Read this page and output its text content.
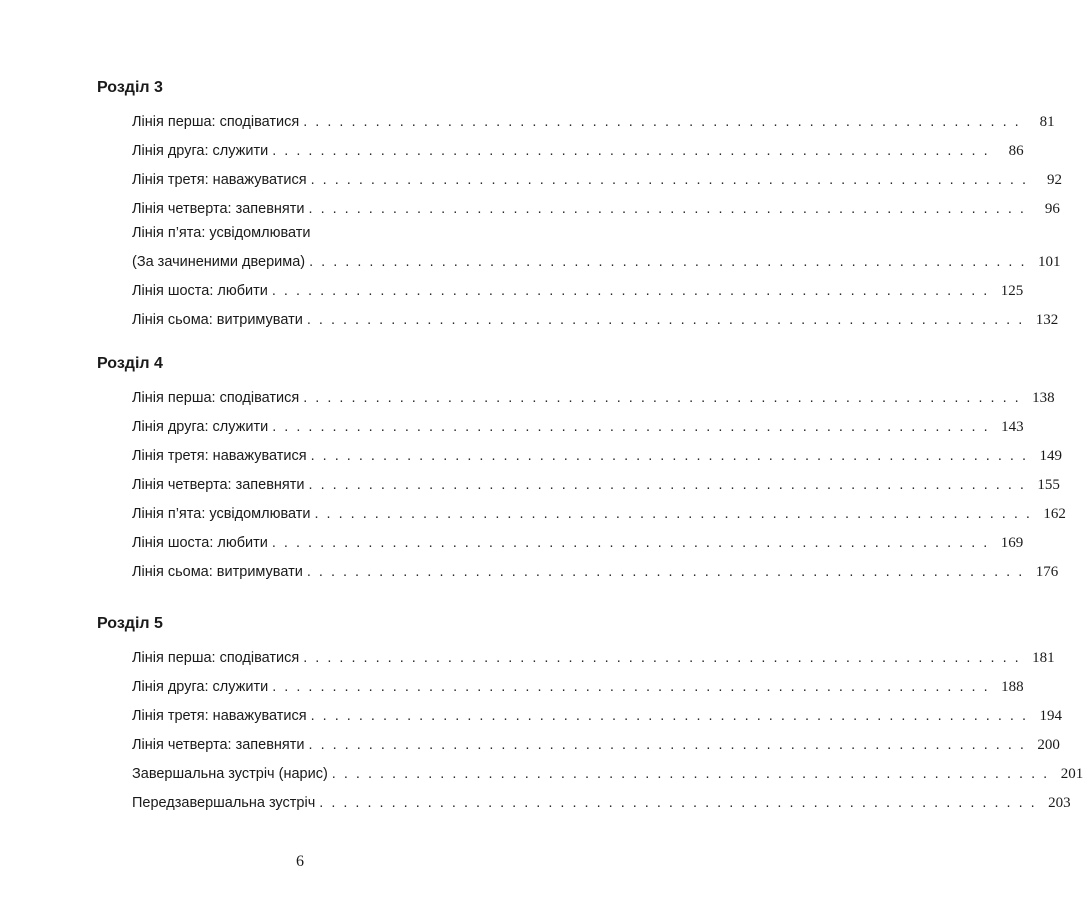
Розділ 3
Лінія перша: сподіватися . . . . . . . . . . . . . . . . . . . . . . . . . . . . . . . . . . . . . . . . . . . . . . . . . . . . . . . . . . . .	81
Лінія друга: служити . . . . . . . . . . . . . . . . . . . . . . . . . . . . . . . . . . . . . . . . . . . . . . . . . . . . . . . . . . . .	86
Лінія третя: наважуватися . . . . . . . . . . . . . . . . . . . . . . . . . . . . . . . . . . . . . . . . . . . . . . . . . . . . . . . . . . . .	92
Лінія четверта: запевняти . . . . . . . . . . . . . . . . . . . . . . . . . . . . . . . . . . . . . . . . . . . . . . . . . . . . . . . . . . . .	96
Лінія п’ята: усвідомлювати
(За зачиненими дверима) . . . . . . . . . . . . . . . . . . . . . . . . . . . . . . . . . . . . . . . . . . . . . . . . . . . . . . . . . . . . 101
Лінія шоста: любити . . . . . . . . . . . . . . . . . . . . . . . . . . . . . . . . . . . . . . . . . . . . . . . . . . . . . . . . . . . . 125
Лінія сьома: витримувати . . . . . . . . . . . . . . . . . . . . . . . . . . . . . . . . . . . . . . . . . . . . . . . . . . . . . . . . . . . . 132
Розділ 4
Лінія перша: сподіватися . . . . . . . . . . . . . . . . . . . . . . . . . . . . . . . . . . . . . . . . . . . . . . . . . . . . . . . . . . . . 138
Лінія друга: служити . . . . . . . . . . . . . . . . . . . . . . . . . . . . . . . . . . . . . . . . . . . . . . . . . . . . . . . . . . . . 143
Лінія третя: наважуватися . . . . . . . . . . . . . . . . . . . . . . . . . . . . . . . . . . . . . . . . . . . . . . . . . . . . . . . . . . . . 149
Лінія четверта: запевняти . . . . . . . . . . . . . . . . . . . . . . . . . . . . . . . . . . . . . . . . . . . . . . . . . . . . . . . . . . . . 155
Лінія п’ята: усвідомлювати . . . . . . . . . . . . . . . . . . . . . . . . . . . . . . . . . . . . . . . . . . . . . . . . . . . . . . . . . . . . 162
Лінія шоста: любити . . . . . . . . . . . . . . . . . . . . . . . . . . . . . . . . . . . . . . . . . . . . . . . . . . . . . . . . . . . . 169
Лінія сьома: витримувати . . . . . . . . . . . . . . . . . . . . . . . . . . . . . . . . . . . . . . . . . . . . . . . . . . . . . . . . . . . . 176
Розділ 5
Лінія перша: сподіватися . . . . . . . . . . . . . . . . . . . . . . . . . . . . . . . . . . . . . . . . . . . . . . . . . . . . . . . . . . . . 181
Лінія друга: служити . . . . . . . . . . . . . . . . . . . . . . . . . . . . . . . . . . . . . . . . . . . . . . . . . . . . . . . . . . . . 188
Лінія третя: наважуватися . . . . . . . . . . . . . . . . . . . . . . . . . . . . . . . . . . . . . . . . . . . . . . . . . . . . . . . . . . . . 194
Лінія четверта: запевняти . . . . . . . . . . . . . . . . . . . . . . . . . . . . . . . . . . . . . . . . . . . . . . . . . . . . . . . . . . . . 200
Завершальна зустріч (нарис) . . . . . . . . . . . . . . . . . . . . . . . . . . . . . . . . . . . . . . . . . . . . . . . . . . . . . . . . . . . . 201
Передзавершальна зустріч . . . . . . . . . . . . . . . . . . . . . . . . . . . . . . . . . . . . . . . . . . . . . . . . . . . . . . . . . . . . 203
6
